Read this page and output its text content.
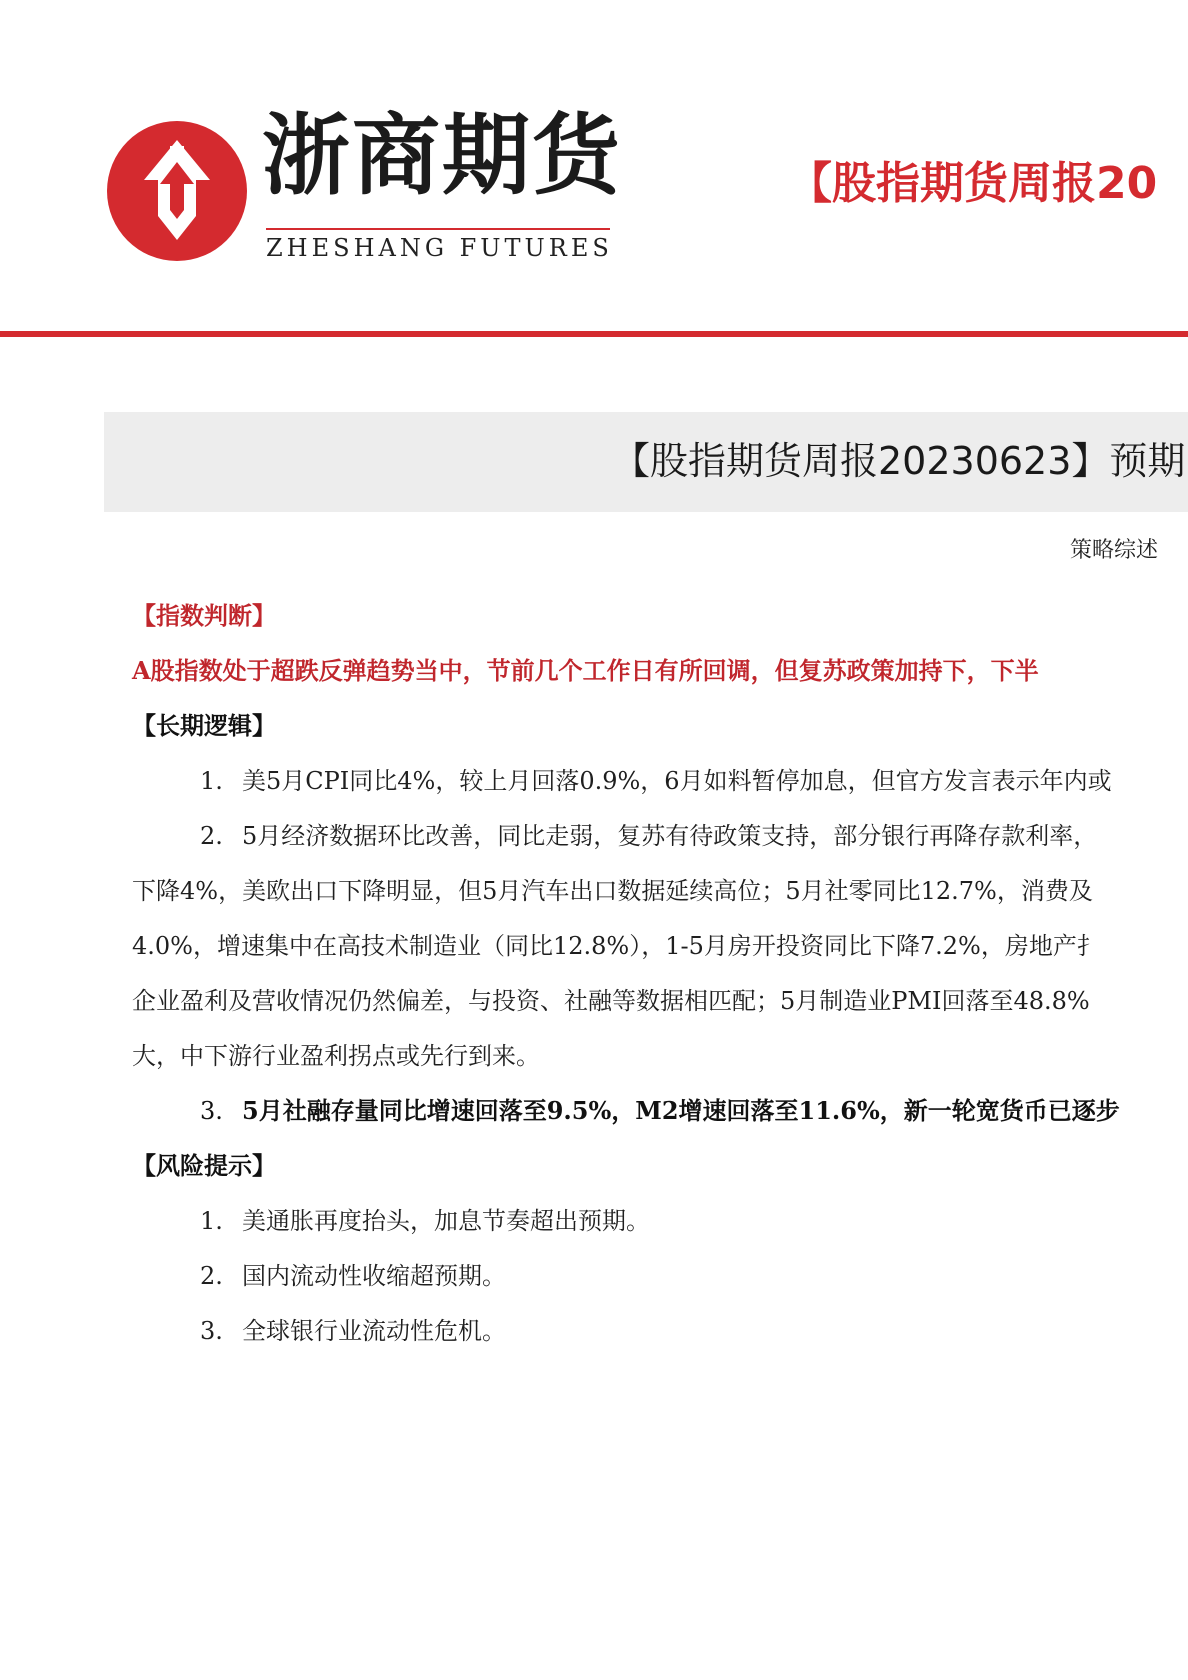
浙商期货
ZHESHANG FUTURES
【股指期货周报20
【股指期货周报20230623】预期
策略综述
【指数判断】
A股指数处于超跌反弹趋势当中，节前几个工作日有所回调，但复苏政策加持下，下半
【长期逻辑】
1. 美5月CPI同比4%，较上月回落0.9%，6月如料暂停加息，但官方发言表示年内或
2. 5月经济数据环比改善，同比走弱，复苏有待政策支持，部分银行再降存款利率，
下降4%，美欧出口下降明显，但5月汽车出口数据延续高位；5月社零同比12.7%，消费及
4.0%，增速集中在高技术制造业（同比12.8%），1-5月房开投资同比下降7.2%，房地产扌
企业盈利及营收情况仍然偏差，与投资、社融等数据相匹配；5月制造业PMI回落至48.8%
大，中下游行业盈利拐点或先行到来。
3. 5月社融存量同比增速回落至9.5%，M2增速回落至11.6%，新一轮宽货币已逐步
【风险提示】
1. 美通胀再度抬头，加息节奏超出预期。
2. 国内流动性收缩超预期。
3. 全球银行业流动性危机。
